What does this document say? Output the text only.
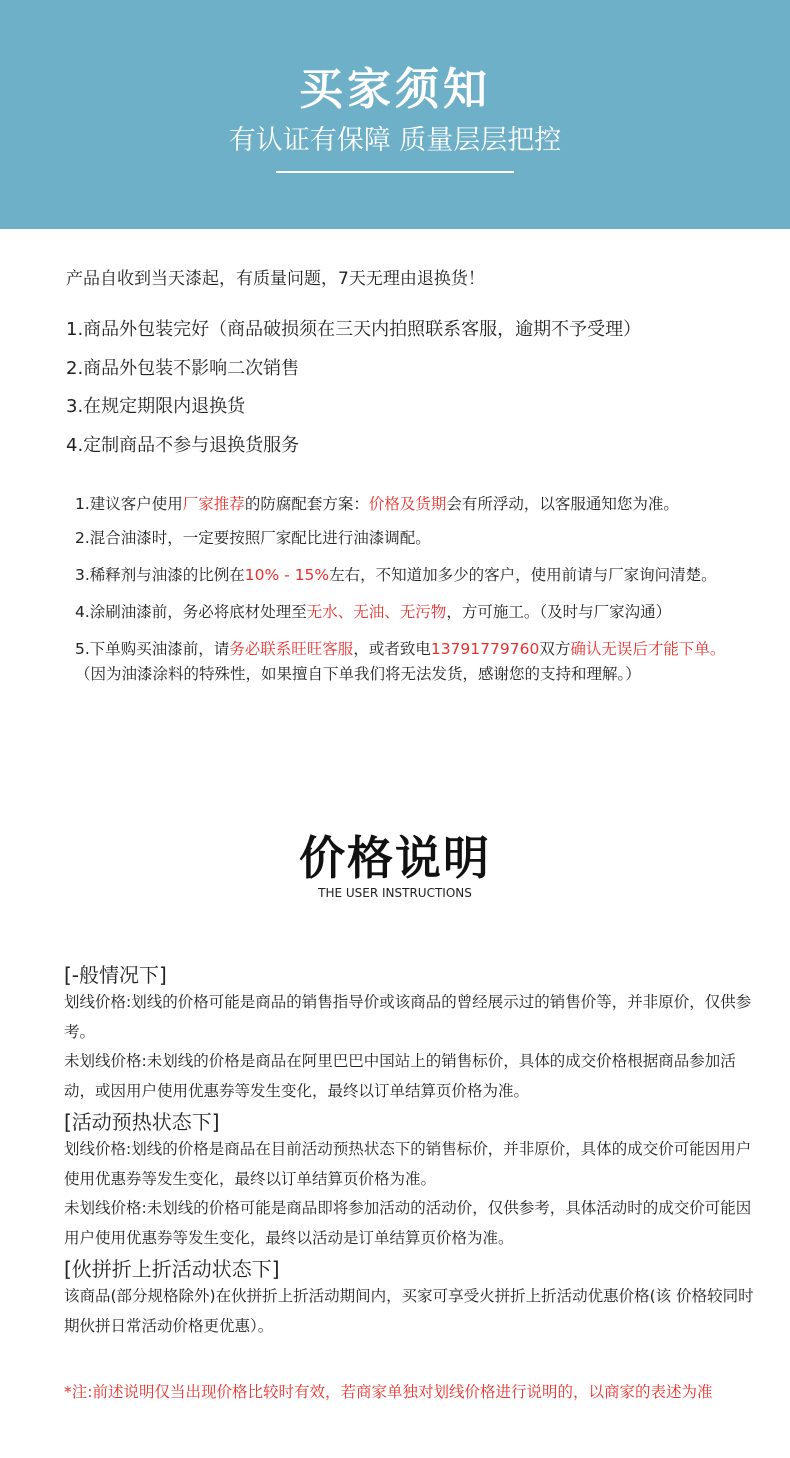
买家须知
有认证有保障 质量层层把控
产品自收到当天漆起，有质量问题，7天无理由退换货！
1.商品外包装完好（商品破损须在三天内拍照联系客服，逾期不予受理）
2.商品外包装不影响二次销售
3.在规定期限内退换货
4.定制商品不参与退换货服务

1.建议客户使用厂家推荐的防腐配套方案：价格及货期会有所浮动，以客服通知您为准。

2.混合油漆时，一定要按照厂家配比进行油漆调配。

3.稀释剂与油漆的比例在10% - 15%左右，不知道加多少的客户，使用前请与厂家询问清楚。

4.涂刷油漆前，务必将底材处理至无水、无油、无污物，方可施工。（及时与厂家沟通）

5.下单购买油漆前，请务必联系旺旺客服，或者致电13791779760双方确认无误后才能下单。（因为油漆涂料的特殊性，如果擅自下单我们将无法发货，感谢您的支持和理解。）

价格说明
THE USER INSTRUCTIONS
[-般情况下]

划线价格:划线的价格可能是商品的销售指导价或该商品的曾经展示过的销售价等，并非原价，仅供参考。

未划线价格:未划线的价格是商品在阿里巴巴中国站上的销售标价，具体的成交价格根据商品参加活动，或因用户使用优惠券等发生变化，最终以订单结算页价格为准。

[活动预热状态下]

划线价格:划线的价格是商品在目前活动预热状态下的销售标价，并非原价，具体的成交价可能因用户使用优惠券等发生变化，最终以订单结算页价格为准。

未划线价格:未划线的价格可能是商品即将参加活动的活动价，仅供参考，具体活动时的成交价可能因用户使用优惠券等发生变化，最终以活动是订单结算页价格为准。

[伙拼折上折活动状态下]

该商品(部分规格除外)在伙拼折上折活动期间内，买家可享受火拼折上折活动优惠价格(该 价格较同时期伙拼日常活动价格更优惠）。

*注:前述说明仅当出现价格比较时有效，若商家单独对划线价格进行说明的，以商家的表述为准
